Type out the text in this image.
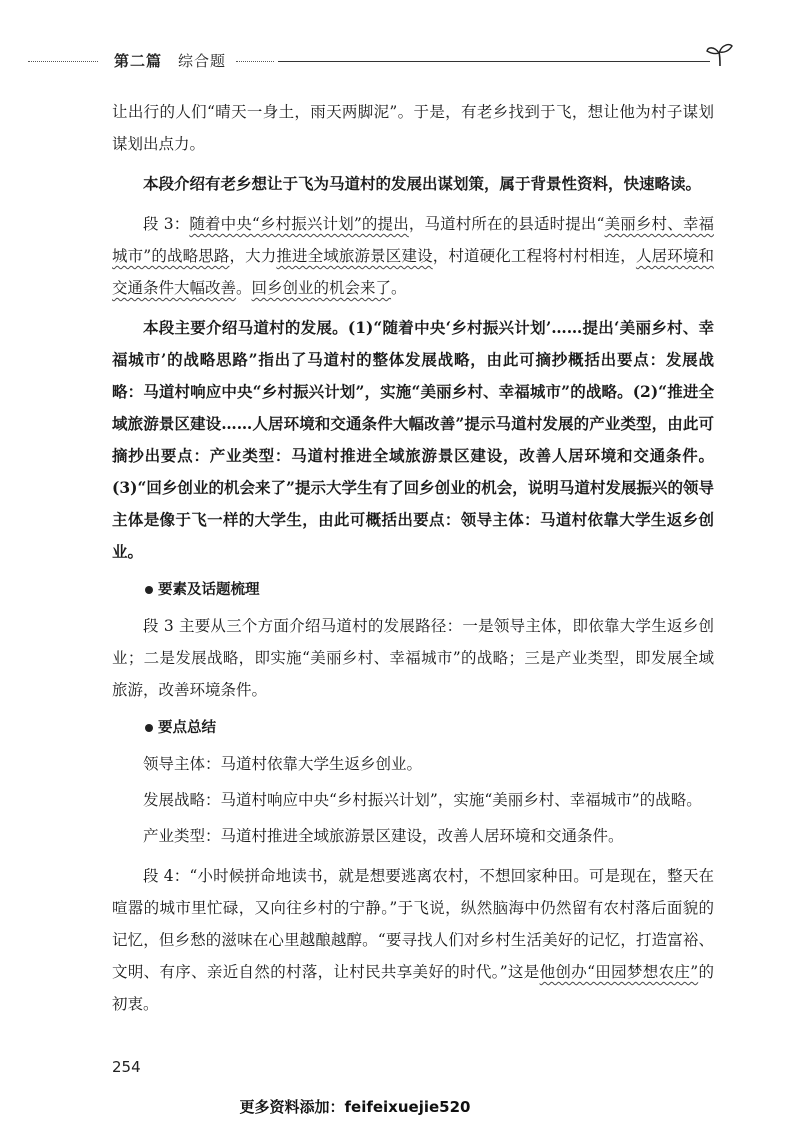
第二篇 综合题

让出行的人们“晴天一身土，雨天两脚泥”。于是，有老乡找到于飞，想让他为村子谋划谋划出点力。

本段介绍有老乡想让于飞为马道村的发展出谋划策，属于背景性资料，快速略读。

段 3：随着中央“乡村振兴计划”的提出，马道村所在的县适时提出“美丽乡村、幸福城市”的战略思路，大力推进全域旅游景区建设，村道硬化工程将村村相连，人居环境和交通条件大幅改善。回乡创业的机会来了。

本段主要介绍马道村的发展。(1)“随着中央‘乡村振兴计划’……提出‘美丽乡村、幸福城市’的战略思路”指出了马道村的整体发展战略，由此可摘抄概括出要点：发展战略：马道村响应中央“乡村振兴计划”，实施“美丽乡村、幸福城市”的战略。(2)“推进全域旅游景区建设……人居环境和交通条件大幅改善”提示马道村发展的产业类型，由此可摘抄出要点：产业类型：马道村推进全域旅游景区建设，改善人居环境和交通条件。(3)“回乡创业的机会来了”提示大学生有了回乡创业的机会，说明马道村发展振兴的领导主体是像于飞一样的大学生，由此可概括出要点：领导主体：马道村依靠大学生返乡创业。

要素及话题梳理

段 3 主要从三个方面介绍马道村的发展路径：一是领导主体，即依靠大学生返乡创业；二是发展战略，即实施“美丽乡村、幸福城市”的战略；三是产业类型，即发展全域旅游，改善环境条件。

要点总结

领导主体：马道村依靠大学生返乡创业。

发展战略：马道村响应中央“乡村振兴计划”，实施“美丽乡村、幸福城市”的战略。

产业类型：马道村推进全域旅游景区建设，改善人居环境和交通条件。

段 4：“小时候拼命地读书，就是想要逃离农村，不想回家种田。可是现在，整天在喧嚣的城市里忙碌，又向往乡村的宁静。”于飞说，纵然脑海中仍然留有农村落后面貌的记忆，但乡愁的滋味在心里越酿越醇。“要寻找人们对乡村生活美好的记忆，打造富裕、文明、有序、亲近自然的村落，让村民共享美好的时代。”这是他创办“田园梦想农庄”的初衷。

254
更多资料添加：feifeixuejie520
